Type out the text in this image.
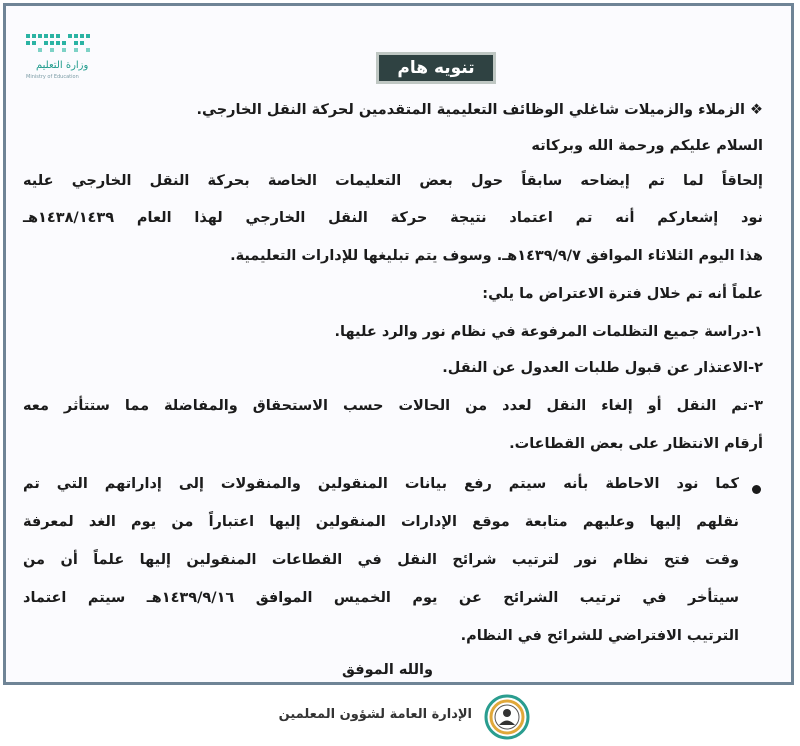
وزارة التعليم
Ministry of Education	تنويه هام
❖ الزملاء والزميلات شاغلي الوظائف التعليمية المتقدمين لحركة النقل الخارجي.
السلام عليكم ورحمة الله وبركاته
إلحاقاً لما تم إيضاحه سابقاً حول بعض التعليمات الخاصة بحركة النقل الخارجي عليه
نود إشعاركم أنه تم اعتماد نتيجة حركة النقل الخارجي لهذا العام ١٤٣٨/١٤٣٩هـ
هذا اليوم الثلاثاء الموافق ١٤٣٩/٩/٧هـ. وسوف يتم تبليغها للإدارات التعليمية.
علماً أنه تم خلال فترة الاعتراض ما يلي:
١-دراسة جميع التظلمات المرفوعة في نظام نور والرد عليها.
٢-الاعتذار عن قبول طلبات العدول عن النقل.
٣-تم النقل أو إلغاء النقل لعدد من الحالات حسب الاستحقاق والمفاضلة مما ستتأثر معه
أرقام الانتظار على بعض القطاعات.
كما نود الاحاطة بأنه سيتم رفع بيانات المنقولين والمنقولات إلى إداراتهم التي تم
نقلهم إليها وعليهم متابعة موقع الإدارات المنقولين إليها اعتباراً من يوم الغد لمعرفة
وقت فتح نظام نور لترتيب شرائح النقل في القطاعات المنقولين إليها علماً أن من
سيتأخر في ترتيب الشرائح عن يوم الخميس الموافق ١٤٣٩/٩/١٦هـ سيتم اعتماد
الترتيب الافتراضي للشرائح في النظام.
والله الموفق
الإدارة العامة لشؤون المعلمين
